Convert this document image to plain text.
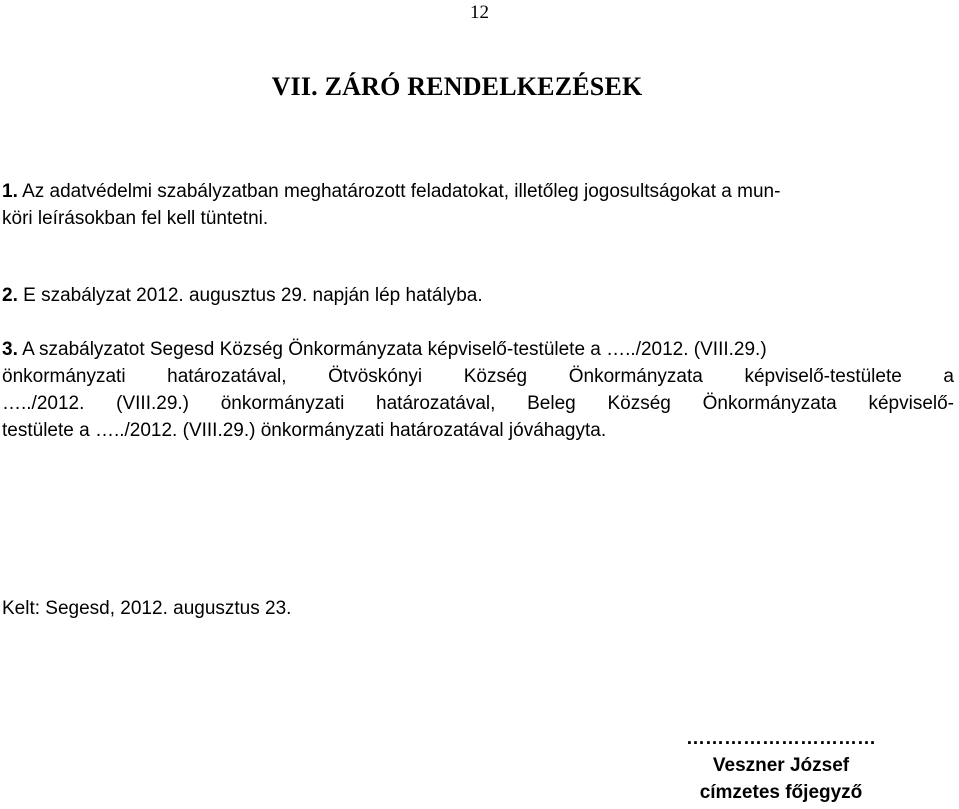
12
VII. ZÁRÓ RENDELKEZÉSEK
1. Az adatvédelmi szabályzatban meghatározott feladatokat, illetőleg jogosultságokat a mun-
köri leírásokban fel kell tüntetni.
2. E szabályzat 2012. augusztus 29. napján lép hatályba.
3. A szabályzatot Segesd Község Önkormányzata képviselő-testülete a …../2012. (VIII.29.)
önkormányzati határozatával, Ötvöskónyi Község Önkormányzata képviselő-testülete a
…../2012. (VIII.29.) önkormányzati határozatával, Beleg Község Önkormányzata képviselő-
testülete a …../2012. (VIII.29.) önkormányzati határozatával jóváhagyta.
Kelt: Segesd, 2012. augusztus 23.
…………………………
Veszner József
címzetes főjegyző
